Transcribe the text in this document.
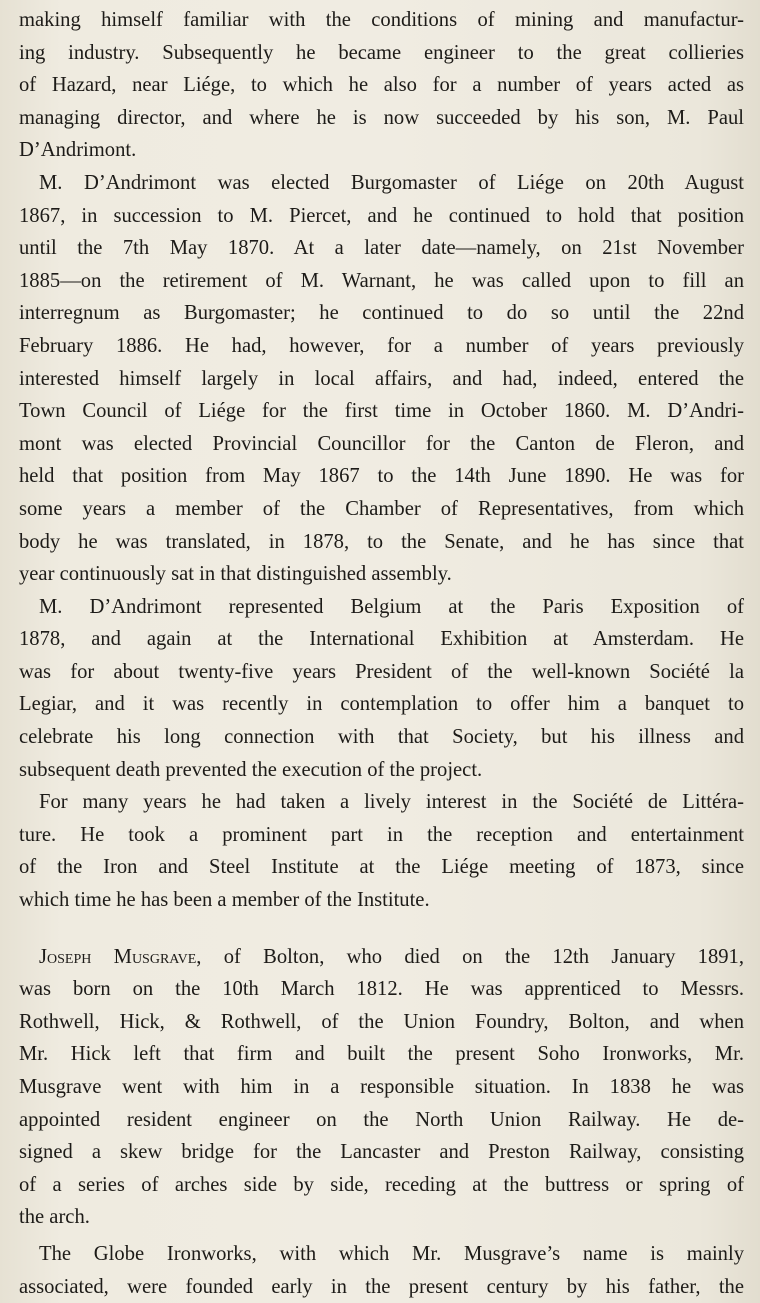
making himself familiar with the conditions of mining and manufactur-
ing industry. Subsequently he became engineer to the great collieries
of Hazard, near Liége, to which he also for a number of years acted as
managing director, and where he is now succeeded by his son, M. Paul
D’Andrimont.
M. D’Andrimont was elected Burgomaster of Liége on 20th August
1867, in succession to M. Piercet, and he continued to hold that position
until the 7th May 1870. At a later date—namely, on 21st November
1885—on the retirement of M. Warnant, he was called upon to fill an
interregnum as Burgomaster; he continued to do so until the 22nd
February 1886. He had, however, for a number of years previously
interested himself largely in local affairs, and had, indeed, entered the
Town Council of Liége for the first time in October 1860. M. D’Andri-
mont was elected Provincial Councillor for the Canton de Fleron, and
held that position from May 1867 to the 14th June 1890. He was for
some years a member of the Chamber of Representatives, from which
body he was translated, in 1878, to the Senate, and he has since that
year continuously sat in that distinguished assembly.
M. D’Andrimont represented Belgium at the Paris Exposition of
1878, and again at the International Exhibition at Amsterdam. He
was for about twenty-five years President of the well-known Société la
Legiar, and it was recently in contemplation to offer him a banquet to
celebrate his long connection with that Society, but his illness and
subsequent death prevented the execution of the project.
For many years he had taken a lively interest in the Société de Littéra-
ture. He took a prominent part in the reception and entertainment
of the Iron and Steel Institute at the Liége meeting of 1873, since
which time he has been a member of the Institute.
Joseph Musgrave, of Bolton, who died on the 12th January 1891,
was born on the 10th March 1812. He was apprenticed to Messrs.
Rothwell, Hick, & Rothwell, of the Union Foundry, Bolton, and when
Mr. Hick left that firm and built the present Soho Ironworks, Mr.
Musgrave went with him in a responsible situation. In 1838 he was
appointed resident engineer on the North Union Railway. He de-
signed a skew bridge for the Lancaster and Preston Railway, consisting
of a series of arches side by side, receding at the buttress or spring of
the arch.
The Globe Ironworks, with which Mr. Musgrave’s name is mainly
associated, were founded early in the present century by his father, the
